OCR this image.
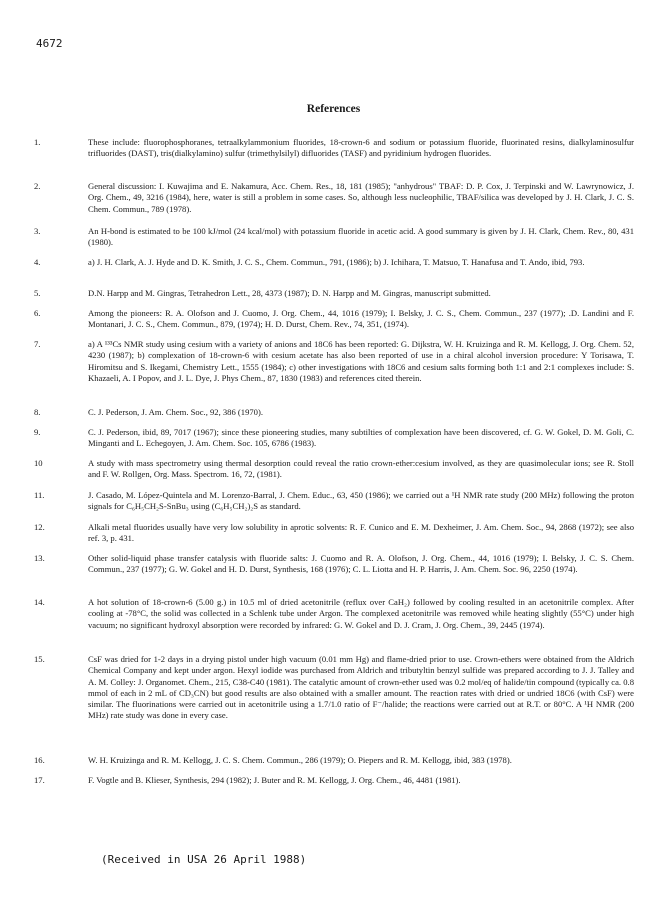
4672
References
1.	These include: fluorophosphoranes, tetraalkylammonium fluorides, 18-crown-6 and sodium or potassium fluoride, fluorinated resins, dialkylaminosulfur trifluorides (DAST), tris(dialkylamino) sulfur (trimethylsilyl) difluorides (TASF) and pyridinium hydrogen fluorides.
2.	General discussion: I. Kuwajima and E. Nakamura, Acc. Chem. Res., 18, 181 (1985); "anhydrous" TBAF: D. P. Cox, J. Terpinski and W. Lawrynowicz, J. Org. Chem., 49, 3216 (1984), here, water is still a problem in some cases. So, although less nucleophilic, TBAF/silica was developed by J. H. Clark, J. C. S. Chem. Commun., 789 (1978).
3.	An H-bond is estimated to be 100 kJ/mol (24 kcal/mol) with potassium fluoride in acetic acid. A good summary is given by J. H. Clark, Chem. Rev., 80, 431 (1980).
4.	a) J. H. Clark, A. J. Hyde and D. K. Smith, J. C. S., Chem. Commun., 791, (1986); b) J. Ichihara, T. Matsuo, T. Hanafusa and T. Ando, ibid, 793.
5.	D.N. Harpp and M. Gingras, Tetrahedron Lett., 28, 4373 (1987); D. N. Harpp and M. Gingras, manuscript submitted.
6.	Among the pioneers: R. A. Olofson and J. Cuomo, J. Org. Chem., 44, 1016 (1979); I. Belsky, J. C. S., Chem. Commun., 237 (1977); .D. Landini and F. Montanari, J. C. S., Chem. Commun., 879, (1974); H. D. Durst, Chem. Rev., 74, 351, (1974).
7.	a) A ¹³³Cs NMR study using cesium with a variety of anions and 18C6 has been reported: G. Dijkstra, W. H. Kruizinga and R. M. Kellogg, J. Org. Chem. 52, 4230 (1987); b) complexation of 18-crown-6 with cesium acetate has also been reported of use in a chiral alcohol inversion procedure: Y Torisawa, T. Hiromitsu and S. Ikegami, Chemistry Lett., 1555 (1984); c) other investigations with 18C6 and cesium salts forming both 1:1 and 2:1 complexes include: S. Khazaeli, A. I Popov, and J. L. Dye, J. Phys Chem., 87, 1830 (1983) and references cited therein.
8.	C. J. Pederson, J. Am. Chem. Soc., 92, 386 (1970).
9.	C. J. Pederson, ibid, 89, 7017 (1967); since these pioneering studies, many subtilties of complexation have been discovered, cf. G. W. Gokel, D. M. Goli, C. Minganti and L. Echegoyen, J. Am. Chem. Soc. 105, 6786 (1983).
10	A study with mass spectrometry using thermal desorption could reveal the ratio crown-ether:cesium involved, as they are quasimolecular ions; see R. Stoll and F. W. Rollgen, Org. Mass. Spectrom. 16, 72, (1981).
11.	J. Casado, M. López-Quintela and M. Lorenzo-Barral, J. Chem. Educ., 63, 450 (1986); we carried out a ¹H NMR rate study (200 MHz) following the proton signals for C₆H₅CH₂S-SnBu₃ using (C₆H₅CH₂)₂S as standard.
12.	Alkali metal fluorides usually have very low solubility in aprotic solvents: R. F. Cunico and E. M. Dexheimer, J. Am. Chem. Soc., 94, 2868 (1972); see also ref. 3, p. 431.
13.	Other solid-liquid phase transfer catalysis with fluoride salts: J. Cuomo and R. A. Olofson, J. Org. Chem., 44, 1016 (1979); I. Belsky, J. C. S. Chem. Commun., 237 (1977); G. W. Gokel and H. D. Durst, Synthesis, 168 (1976); C. L. Liotta and H. P. Harris, J. Am. Chem. Soc. 96, 2250 (1974).
14.	A hot solution of 18-crown-6 (5.00 g.) in 10.5 ml of dried acetonitrile (reflux over CaH₂) followed by cooling resulted in an acetonitrile complex. After cooling at -78°C, the solid was collected in a Schlenk tube under Argon. The complexed acetonitrile was removed while heating slightly (55°C) under high vacuum; no significant hydroxyl absorption were recorded by infrared: G. W. Gokel and D. J. Cram, J. Org. Chem., 39, 2445 (1974).
15.	CsF was dried for 1-2 days in a drying pistol under high vacuum (0.01 mm Hg) and flame-dried prior to use. Crown-ethers were obtained from the Aldrich Chemical Company and kept under argon. Hexyl iodide was purchased from Aldrich and tributyltin benzyl sulfide was prepared according to J. J. Talley and A. M. Colley: J. Organomet. Chem., 215, C38-C40 (1981). The catalytic amount of crown-ether used was 0.2 mol/eq of halide/tin compound (typically ca. 0.8 mmol of each in 2 mL of CD₃CN) but good results are also obtained with a smaller amount. The reaction rates with dried or undried 18C6 (with CsF) were similar. The fluorinations were carried out in acetonitrile using a 1.7/1.0 ratio of F⁻/halide; the reactions were carried out at R.T. or 80°C. A ¹H NMR (200 MHz) rate study was done in every case.
16.	W. H. Kruizinga and R. M. Kellogg, J. C. S. Chem. Commun., 286 (1979); O. Piepers and R. M. Kellogg, ibid, 383 (1978).
17.	F. Vogtle and B. Klieser, Synthesis, 294 (1982); J. Buter and R. M. Kellogg, J. Org. Chem., 46, 4481 (1981).
(Received in USA 26 April 1988)
